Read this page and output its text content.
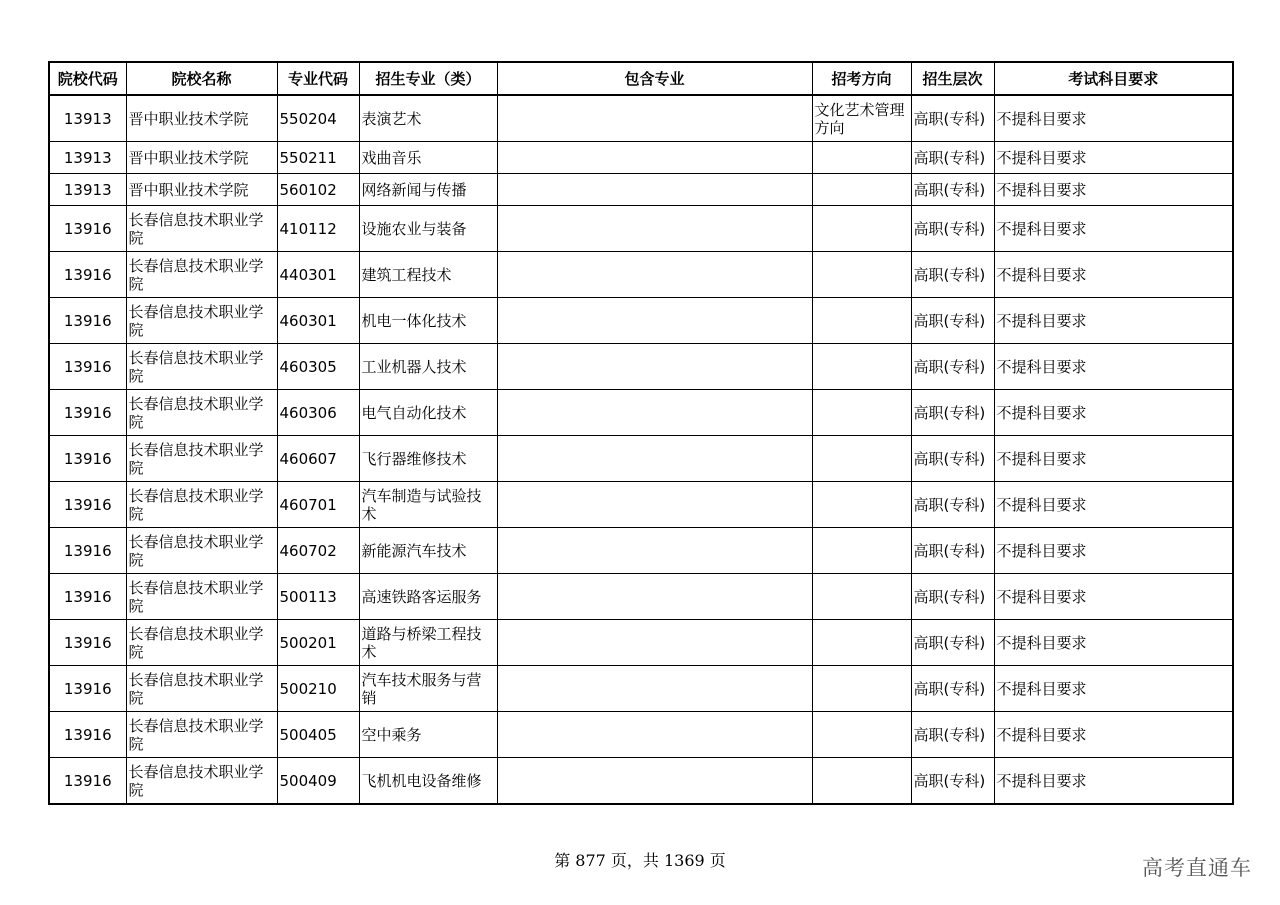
院校代码	院校名称	专业代码	招生专业（类）	包含专业	招考方向	招生层次	考试科目要求
13913	晋中职业技术学院	550204	表演艺术		文化艺术管理方向	高职(专科)	不提科目要求
13913	晋中职业技术学院	550211	戏曲音乐			高职(专科)	不提科目要求
13913	晋中职业技术学院	560102	网络新闻与传播			高职(专科)	不提科目要求
13916	长春信息技术职业学院	410112	设施农业与装备			高职(专科)	不提科目要求
13916	长春信息技术职业学院	440301	建筑工程技术			高职(专科)	不提科目要求
13916	长春信息技术职业学院	460301	机电一体化技术			高职(专科)	不提科目要求
13916	长春信息技术职业学院	460305	工业机器人技术			高职(专科)	不提科目要求
13916	长春信息技术职业学院	460306	电气自动化技术			高职(专科)	不提科目要求
13916	长春信息技术职业学院	460607	飞行器维修技术			高职(专科)	不提科目要求
13916	长春信息技术职业学院	460701	汽车制造与试验技术			高职(专科)	不提科目要求
13916	长春信息技术职业学院	460702	新能源汽车技术			高职(专科)	不提科目要求
13916	长春信息技术职业学院	500113	高速铁路客运服务			高职(专科)	不提科目要求
13916	长春信息技术职业学院	500201	道路与桥梁工程技术			高职(专科)	不提科目要求
13916	长春信息技术职业学院	500210	汽车技术服务与营销			高职(专科)	不提科目要求
13916	长春信息技术职业学院	500405	空中乘务			高职(专科)	不提科目要求
13916	长春信息技术职业学院	500409	飞机机电设备维修			高职(专科)	不提科目要求
第 877 页，共 1369 页	高考直通车
